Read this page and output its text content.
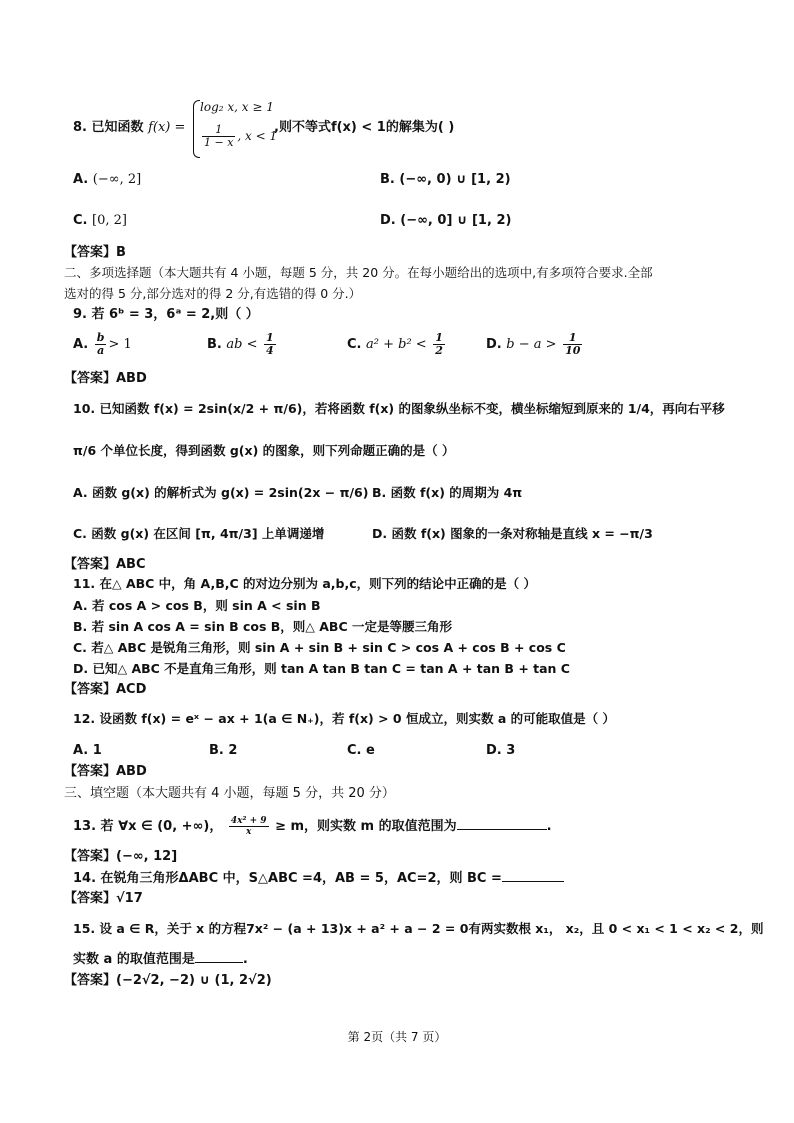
8. 已知函数 f(x) =
log₂ x, x ≥ 1
$\frac{1}{1 - x}$ , x < 1
,则不等式f(x) < 1的解集为( )
A. (−∞, 2]	B. (−∞, 0) ∪ [1, 2)
C. [0, 2]	D. (−∞, 0] ∪ [1, 2)
【答案】B
二、多项选择题（本大题共有 4 小题，每题 5 分，共 20 分。在每小题给出的选项中,有多项符合要求.全部
选对的得 5 分,部分选对的得 2 分,有选错的得 0 分.）
9. 若 6ᵇ = 3，6ᵃ = 2,则（ ）
A. $\frac{b}{a} > 1$	B. ab < $\frac{1}{4}$	C. $a^2 + b^2 < \frac{1}{2}$	D. $b - a > \frac{1}{10}$
【答案】ABD
10. 已知函数 f(x) = 2sin(x/2 + π/6)，若将函数 f(x) 的图象纵坐标不变，横坐标缩短到原来的 1/4，再向右平移
π/6 个单位长度，得到函数 g(x) 的图象，则下列命题正确的是（ ）
A. 函数 g(x) 的解析式为 g(x) = 2sin(2x − π/6) B. 函数 f(x) 的周期为 4π
C. 函数 g(x) 在区间 [π, 4π/3] 上单调递增	D. 函数 f(x) 图象的一条对称轴是直线 x = −π/3
【答案】ABC
11. 在△ ABC 中，角 A,B,C 的对边分别为 a,b,c，则下列的结论中正确的是（ ）
A. 若 cos A > cos B，则 sin A < sin B
B. 若 sin A cos A = sin B cos B，则△ ABC 一定是等腰三角形
C. 若△ ABC 是锐角三角形，则 sin A + sin B + sin C > cos A + cos B + cos C
D. 已知△ ABC 不是直角三角形，则 tan A tan B tan C = tan A + tan B + tan C
【答案】ACD
12. 设函数 f(x) = eˣ − ax + 1(a ∈ N₊)，若 f(x) > 0 恒成立，则实数 a 的可能取值是（ ）
A. 1	B. 2	C. e	D. 3
【答案】ABD
三、填空题（本大题共有 4 小题，每题 5 分，共 20 分）
13. 若 ∀x ∈ (0, +∞)， $\frac{\text{4x² + 9}}{x} \ge m$，则实数 m 的取值范围为	.
【答案】(−∞, 12]
14. 在锐角三角形ΔABC 中，S△ABC =4，AB = 5，AC=2，则 BC =
【答案】√17
15. 设 a ∈ R，关于 x 的方程7x² − (a + 13)x + a² + a − 2 = 0有两实数根 x₁， x₂，且 0 < x₁ < 1 < x₂ < 2，则
实数 a 的取值范围是	.
【答案】(−2√2, −2) ∪ (1, 2√2)
第 2页（共 7 页）
